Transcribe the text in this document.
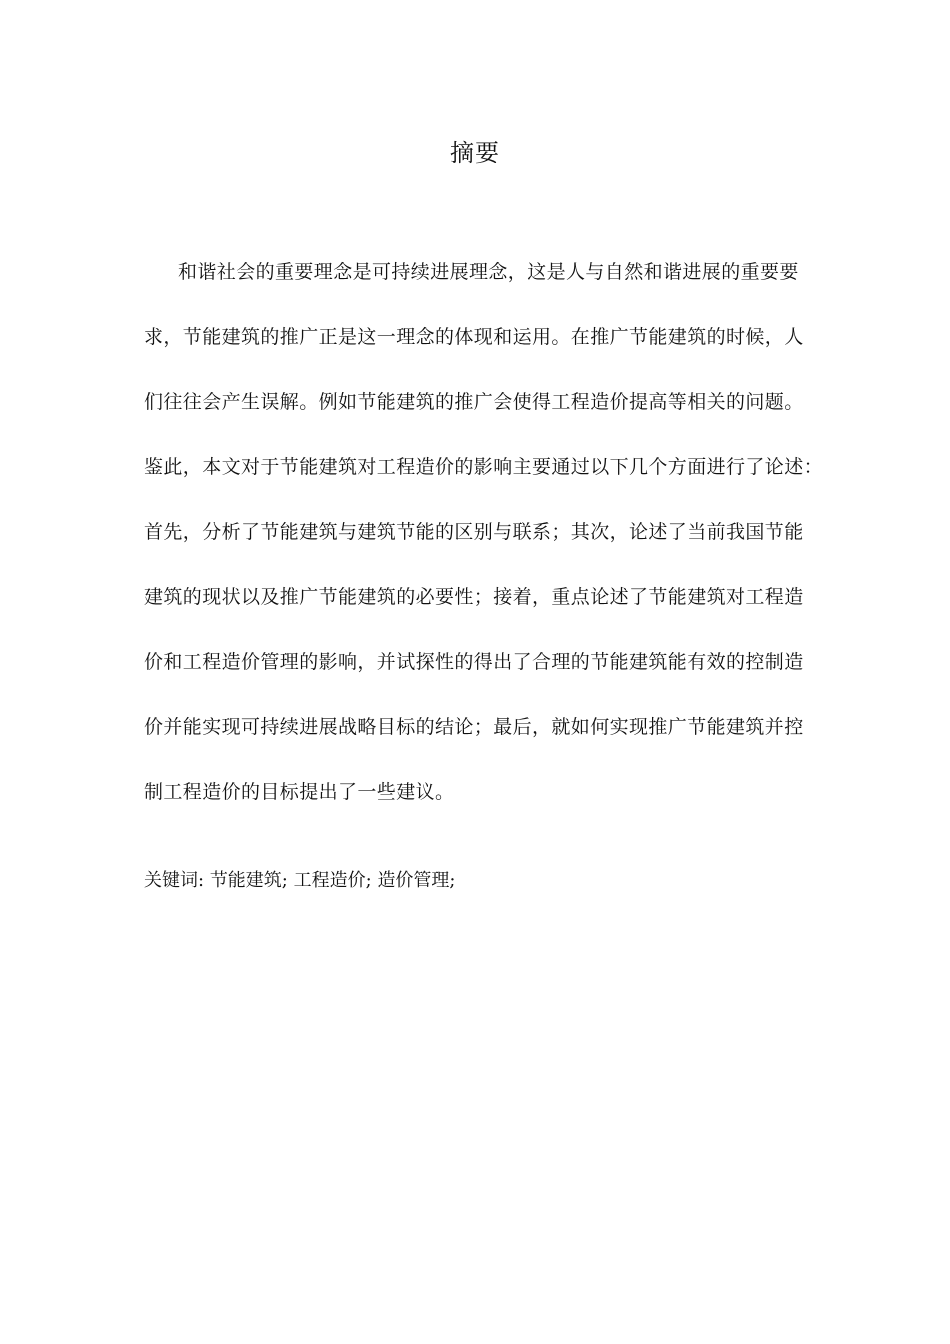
摘要
和谐社会的重要理念是可持续进展理念，这是人与自然和谐进展的重要要
求，节能建筑的推广正是这一理念的体现和运用。在推广节能建筑的时候，人
们往往会产生误解。例如节能建筑的推广会使得工程造价提高等相关的问题。
鉴此，本文对于节能建筑对工程造价的影响主要通过以下几个方面进行了论述：
首先，分析了节能建筑与建筑节能的区别与联系；其次，论述了当前我国节能
建筑的现状以及推广节能建筑的必要性；接着，重点论述了节能建筑对工程造
价和工程造价管理的影响，并试探性的得出了合理的节能建筑能有效的控制造
价并能实现可持续进展战略目标的结论；最后，就如何实现推广节能建筑并控
制工程造价的目标提出了一些建议。
关键词: 节能建筑; 工程造价; 造价管理;
